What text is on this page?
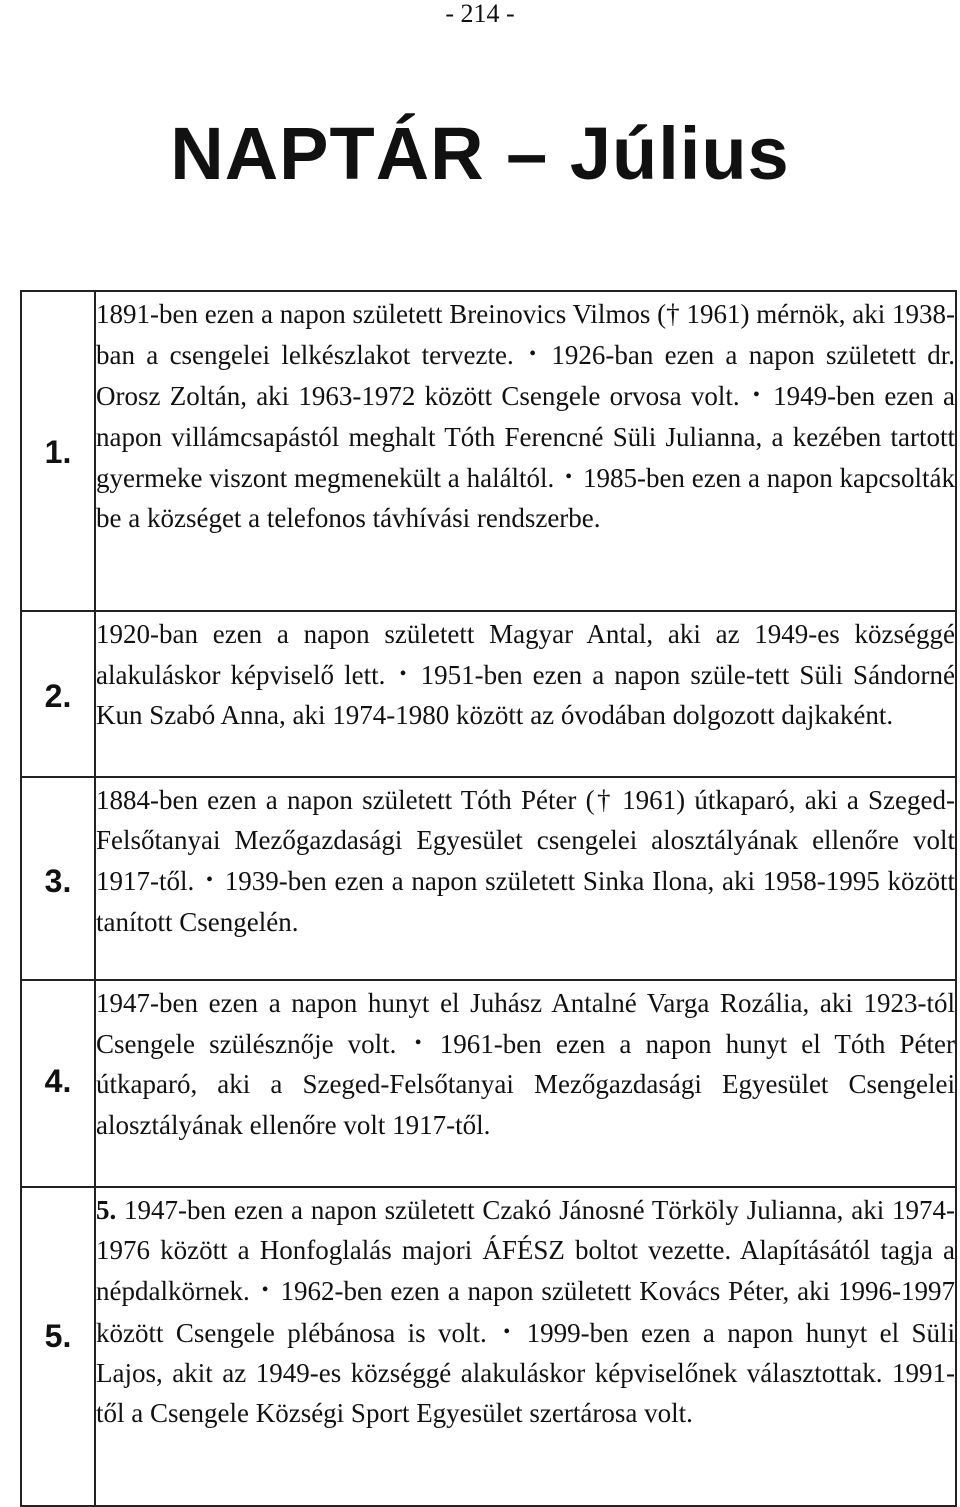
- 214 -
NAPTÁR – Július
1.	1891-ben ezen a napon született Breinovics Vilmos († 1961) mérnök, aki 1938-ban a csengelei lelkészlakot tervezte. • 1926-ban ezen a napon született dr. Orosz Zoltán, aki 1963-1972 között Csengele orvosa volt. • 1949-ben ezen a napon villámcsapástól meghalt Tóth Ferencné Süli Julianna, a kezében tartott gyermeke viszont megmenekült a haláltól. • 1985-ben ezen a napon kapcsolták be a községet a telefonos távhívási rendszerbe.

2.	1920-ban ezen a napon született Magyar Antal, aki az 1949-es községgé alakuláskor képviselő lett. • 1951-ben ezen a napon szüle-tett Süli Sándorné Kun Szabó Anna, aki 1974-1980 között az óvodában dolgozott dajkaként.

3.	1884-ben ezen a napon született Tóth Péter († 1961) útkaparó, aki a Szeged-Felsőtanyai Mezőgazdasági Egyesület csengelei alosztályának ellenőre volt 1917-től. • 1939-ben ezen a napon született Sinka Ilona, aki 1958-1995 között tanított Csengelén.

4.	1947-ben ezen a napon hunyt el Juhász Antalné Varga Rozália, aki 1923-tól Csengele szülésznője volt. • 1961-ben ezen a napon hunyt el Tóth Péter útkaparó, aki a Szeged-Felsőtanyai Mezőgazdasági Egyesület Csengelei alosztályának ellenőre volt 1917-től.

5.	5. 1947-ben ezen a napon született Czakó Jánosné Törköly Julianna, aki 1974-1976 között a Honfoglalás majori ÁFÉSZ boltot vezette. Alapításától tagja a népdalkörnek. • 1962-ben ezen a napon született Kovács Péter, aki 1996-1997 között Csengele plébánosa is volt. • 1999-ben ezen a napon hunyt el Süli Lajos, akit az 1949-es községgé alakuláskor képviselőnek választottak. 1991-től a Csengele Községi Sport Egyesület szertárosa volt.
